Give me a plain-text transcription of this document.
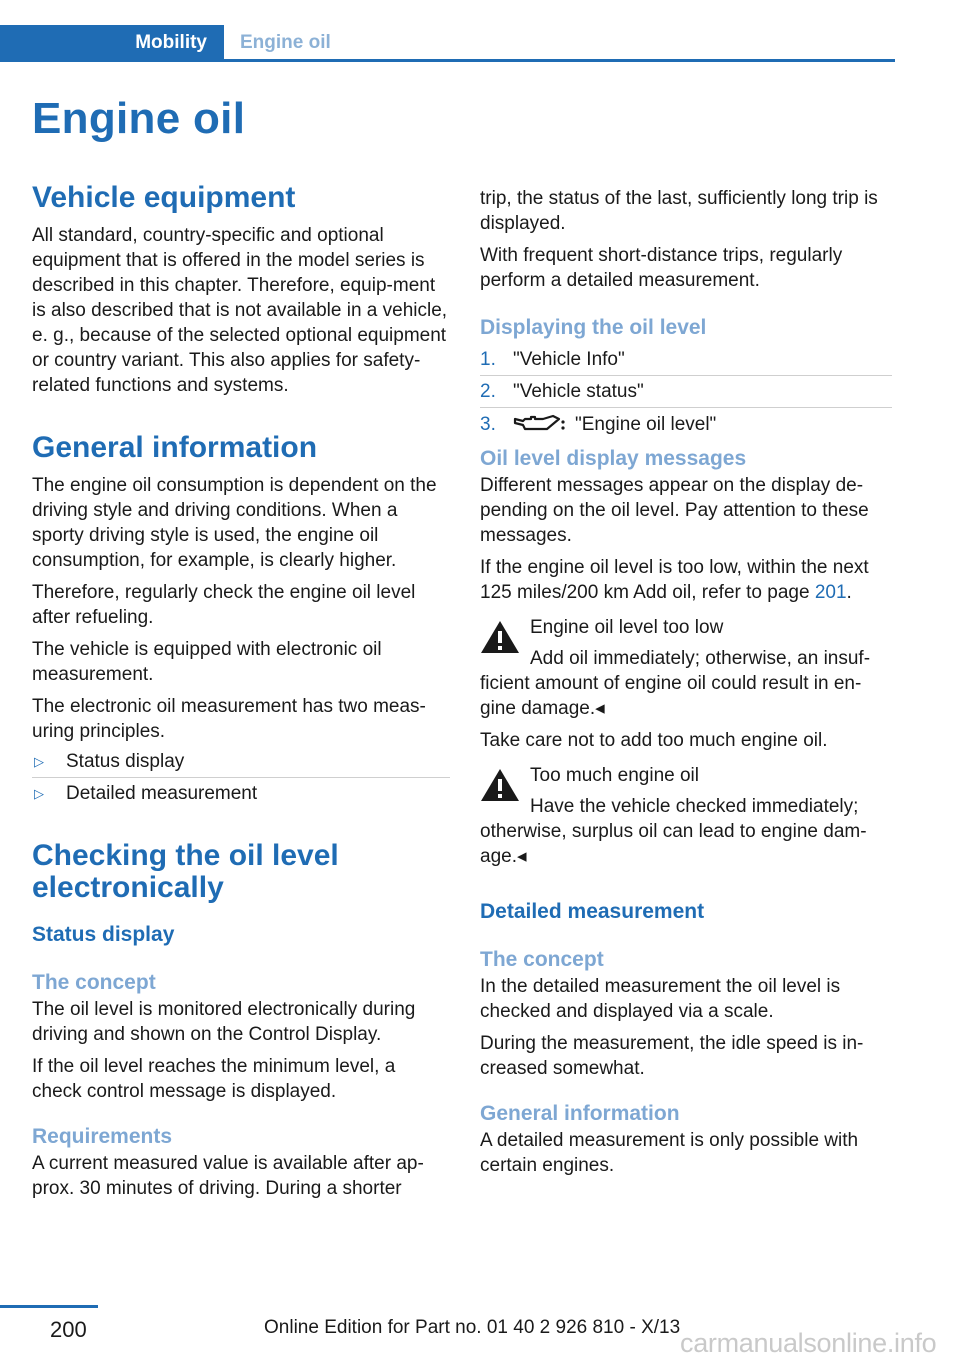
Mobility	Engine oil
Engine oil
Vehicle equipment

All standard, country-specific and optional equipment that is offered in the model series is described in this chapter. Therefore, equip-ment is also described that is not available in a vehicle, e. g., because of the selected optional equipment or country variant. This also applies for safety-related functions and systems.

General information

The engine oil consumption is dependent on the driving style and driving conditions. When a sporty driving style is used, the engine oil consumption, for example, is clearly higher.

Therefore, regularly check the engine oil level after refueling.

The vehicle is equipped with electronic oil measurement.

The electronic oil measurement has two meas-uring principles.

▷	Status display
▷	Detailed measurement
Checking the oil level electronically
Status display
The concept

The oil level is monitored electronically during driving and shown on the Control Display.

If the oil level reaches the minimum level, a check control message is displayed.

Requirements

A current measured value is available after ap-prox. 30 minutes of driving. During a shorter

trip, the status of the last, sufficiently long trip is displayed.

With frequent short-distance trips, regularly perform a detailed measurement.

Displaying the oil level
1. "Vehicle Info"
2. "Vehicle status"
3.	"Engine oil level"
Oil level display messages

Different messages appear on the display de-pending on the oil level. Pay attention to these messages.

If the engine oil level is too low, within the next 125 miles/200 km Add oil, refer to page 201.

Engine oil level too low

Add oil immediately; otherwise, an insuf-ficient amount of engine oil could result in en-gine damage.◂

Take care not to add too much engine oil.

Too much engine oil

Have the vehicle checked immediately; otherwise, surplus oil can lead to engine dam-age.◂

Detailed measurement
The concept

In the detailed measurement the oil level is checked and displayed via a scale.

During the measurement, the idle speed is in-creased somewhat.

General information

A detailed measurement is only possible with certain engines.

200	Online Edition for Part no. 01 40 2 926 810 - X/13
carmanualsonline.info
